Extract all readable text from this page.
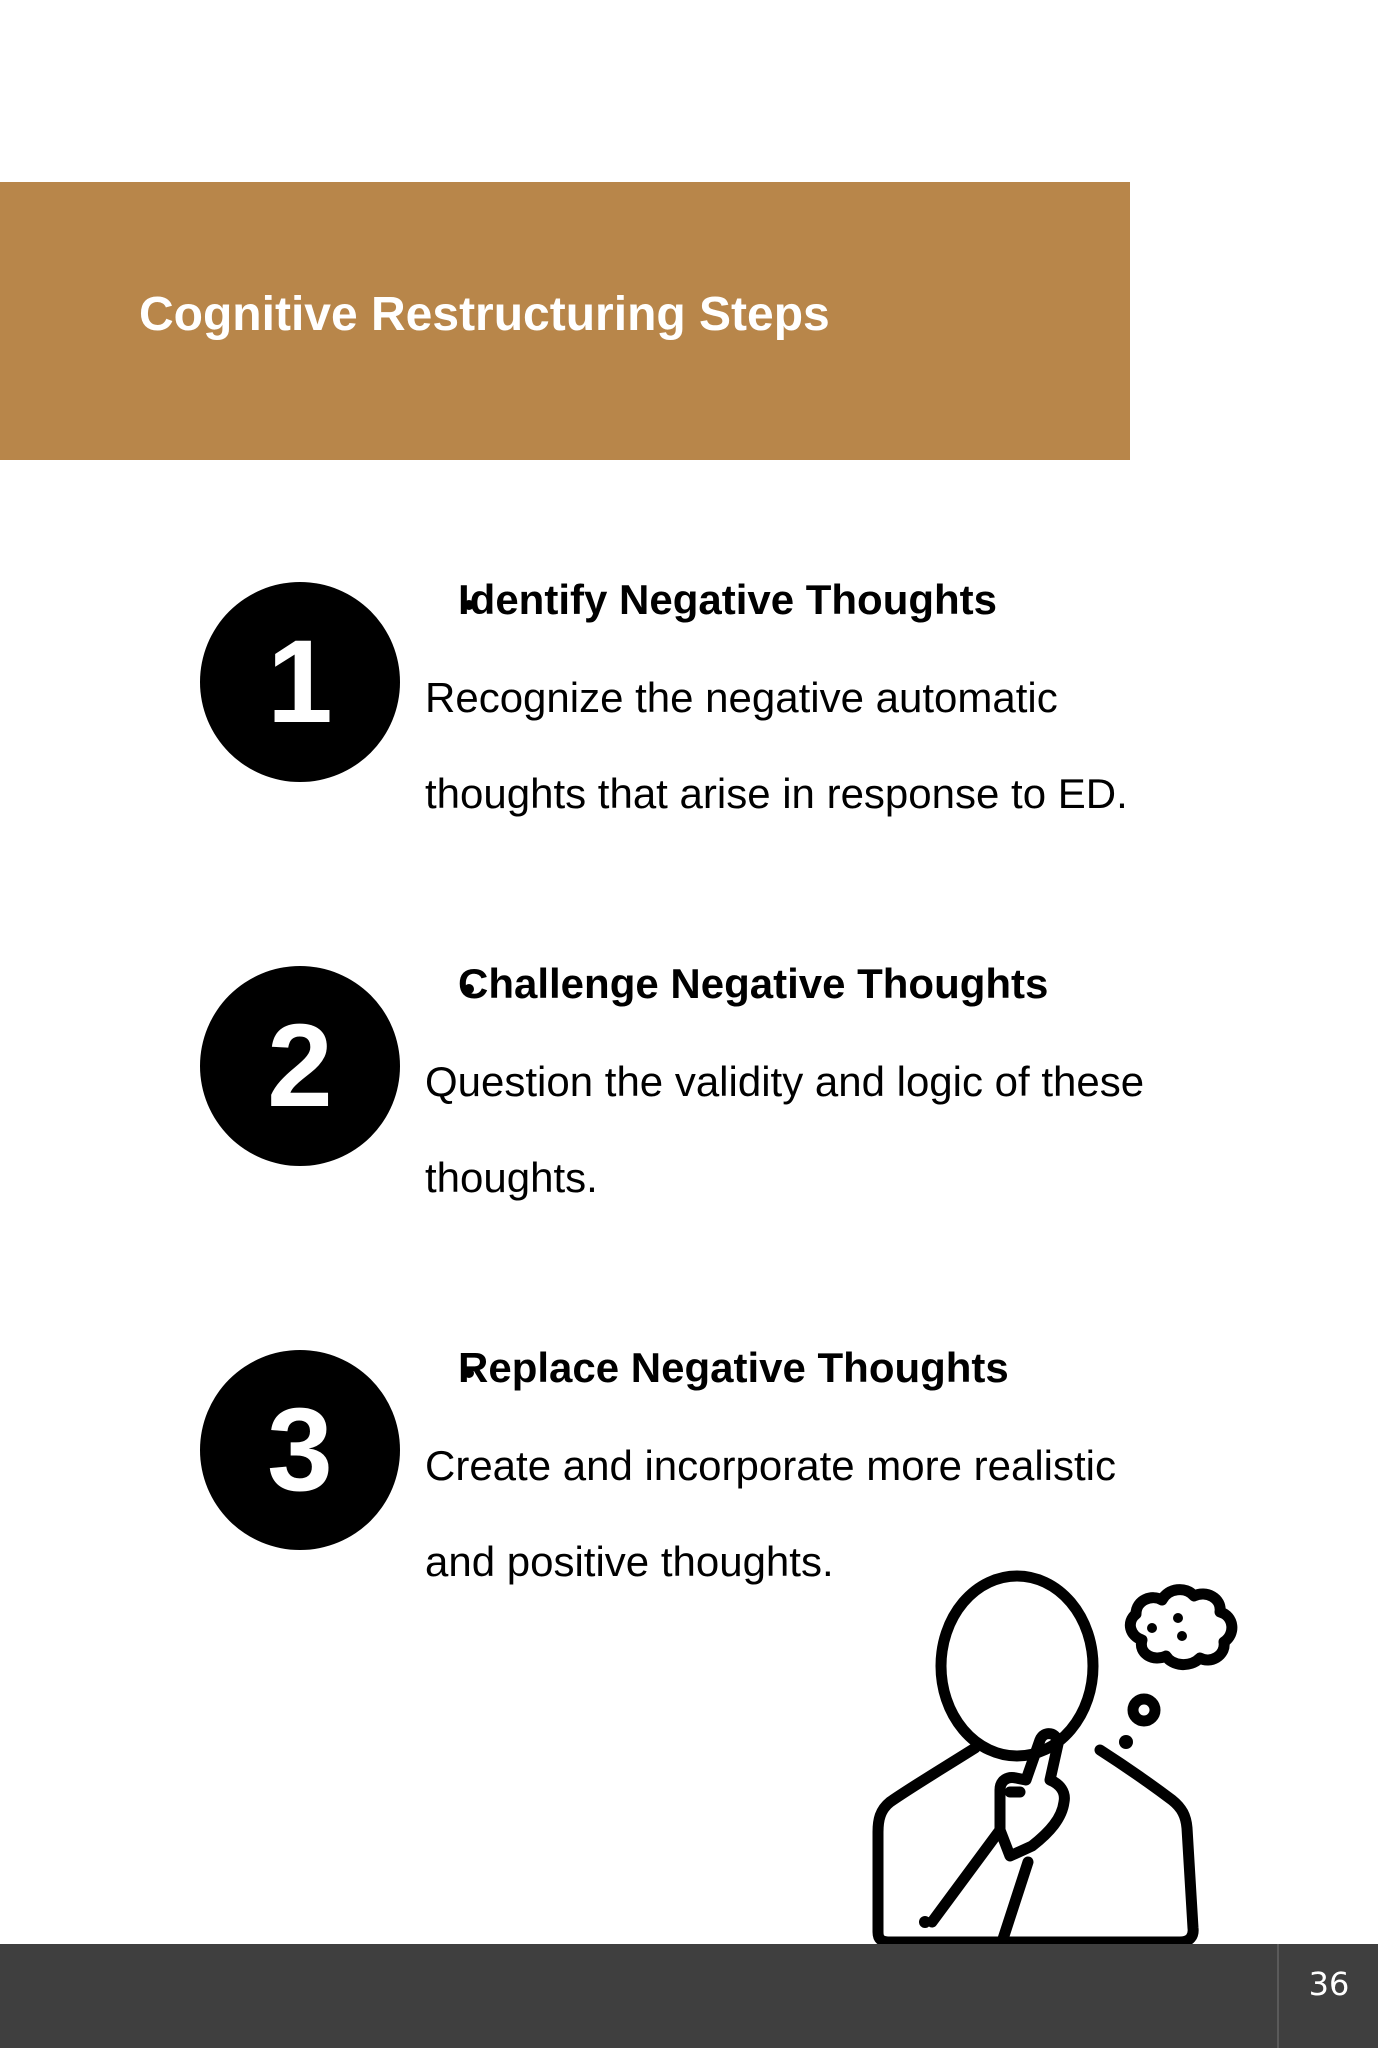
Cognitive Restructuring Steps
1
Identify Negative Thoughts
Recognize the negative automatic
thoughts that arise in response to ED.
2
Challenge Negative Thoughts
Question the validity and logic of these
thoughts.
3
Replace Negative Thoughts
Create and incorporate more realistic
and positive thoughts.
36
